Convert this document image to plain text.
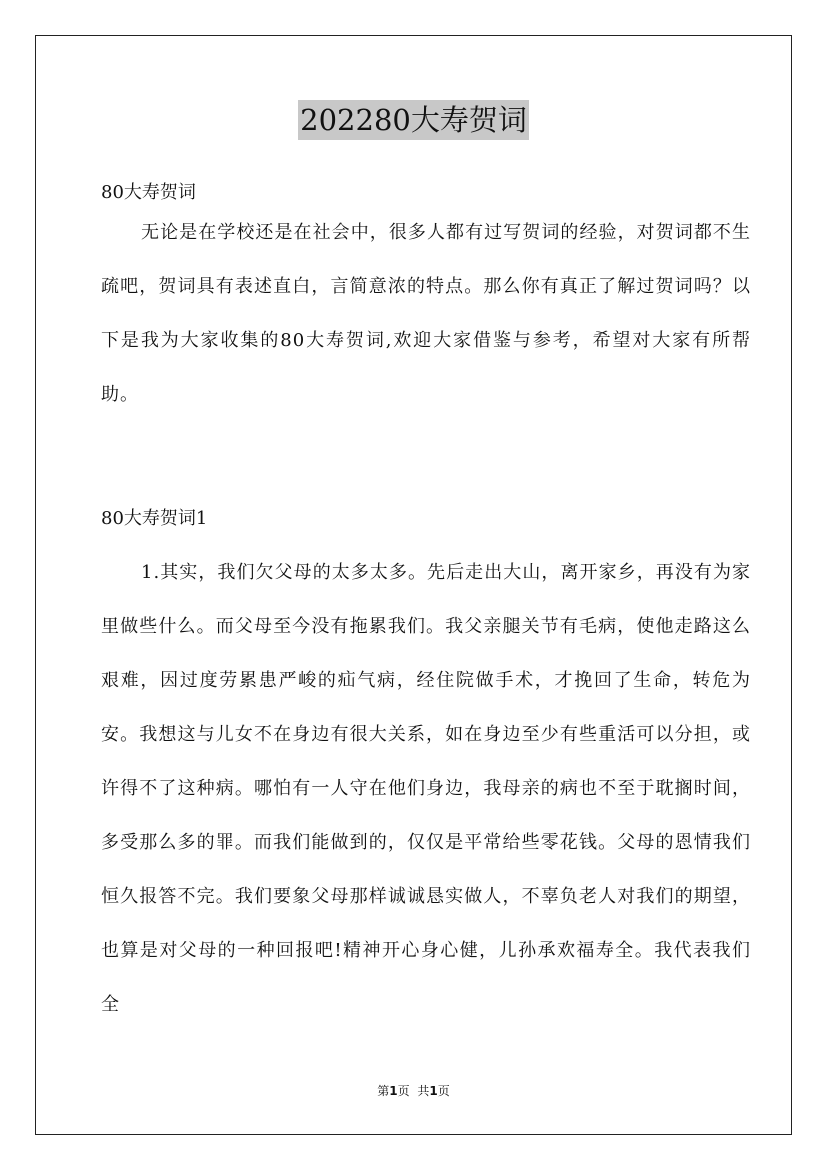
202280大寿贺词
80大寿贺词

无论是在学校还是在社会中，很多人都有过写贺词的经验，对贺词都不生疏吧，贺词具有表述直白，言简意浓的特点。那么你有真正了解过贺词吗？以下是我为大家收集的80大寿贺词,欢迎大家借鉴与参考，希望对大家有所帮助。

80大寿贺词1

1.其实，我们欠父母的太多太多。先后走出大山，离开家乡，再没有为家里做些什么。而父母至今没有拖累我们。我父亲腿关节有毛病，使他走路这么艰难，因过度劳累患严峻的疝气病，经住院做手术，才挽回了生命，转危为安。我想这与儿女不在身边有很大关系，如在身边至少有些重活可以分担，或许得不了这种病。哪怕有一人守在他们身边，我母亲的病也不至于耽搁时间，多受那么多的罪。而我们能做到的，仅仅是平常给些零花钱。父母的恩情我们恒久报答不完。我们要象父母那样诚诚恳实做人，不辜负老人对我们的期望，也算是对父母的一种回报吧!精神开心身心健，儿孙承欢福寿全。我代表我们全

第1页 共1页
